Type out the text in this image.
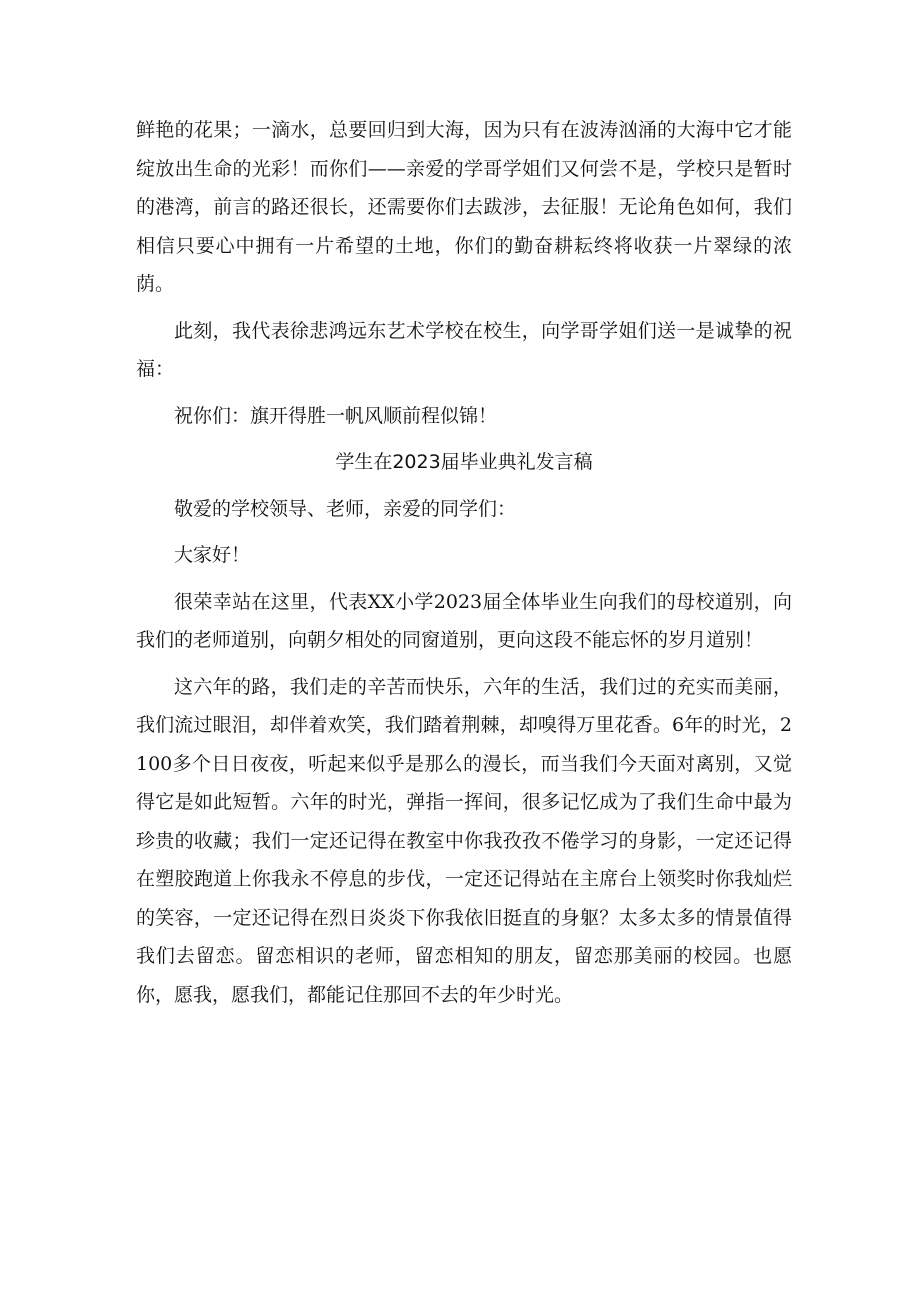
鲜艳的花果；一滴水，总要回归到大海，因为只有在波涛汹涌的大海中它才能绽放出生命的光彩！而你们——亲爱的学哥学姐们又何尝不是，学校只是暂时的港湾，前言的路还很长，还需要你们去跋涉，去征服！无论角色如何，我们相信只要心中拥有一片希望的土地，你们的勤奋耕耘终将收获一片翠绿的浓荫。

此刻，我代表徐悲鸿远东艺术学校在校生，向学哥学姐们送一是诚挚的祝福：

祝你们：旗开得胜一帆风顺前程似锦！

学生在2023届毕业典礼发言稿

敬爱的学校领导、老师，亲爱的同学们：

大家好！

很荣幸站在这里，代表XX小学2023届全体毕业生向我们的母校道别，向我们的老师道别，向朝夕相处的同窗道别，更向这段不能忘怀的岁月道别！

这六年的路，我们走的辛苦而快乐，六年的生活，我们过的充实而美丽，我们流过眼泪，却伴着欢笑，我们踏着荆棘，却嗅得万里花香。6年的时光，2100多个日日夜夜，听起来似乎是那么的漫长，而当我们今天面对离别，又觉得它是如此短暂。六年的时光，弹指一挥间，很多记忆成为了我们生命中最为珍贵的收藏；我们一定还记得在教室中你我孜孜不倦学习的身影，一定还记得在塑胶跑道上你我永不停息的步伐，一定还记得站在主席台上领奖时你我灿烂的笑容，一定还记得在烈日炎炎下你我依旧挺直的身躯？太多太多的情景值得我们去留恋。留恋相识的老师，留恋相知的朋友，留恋那美丽的校园。也愿你，愿我，愿我们，都能记住那回不去的年少时光。
